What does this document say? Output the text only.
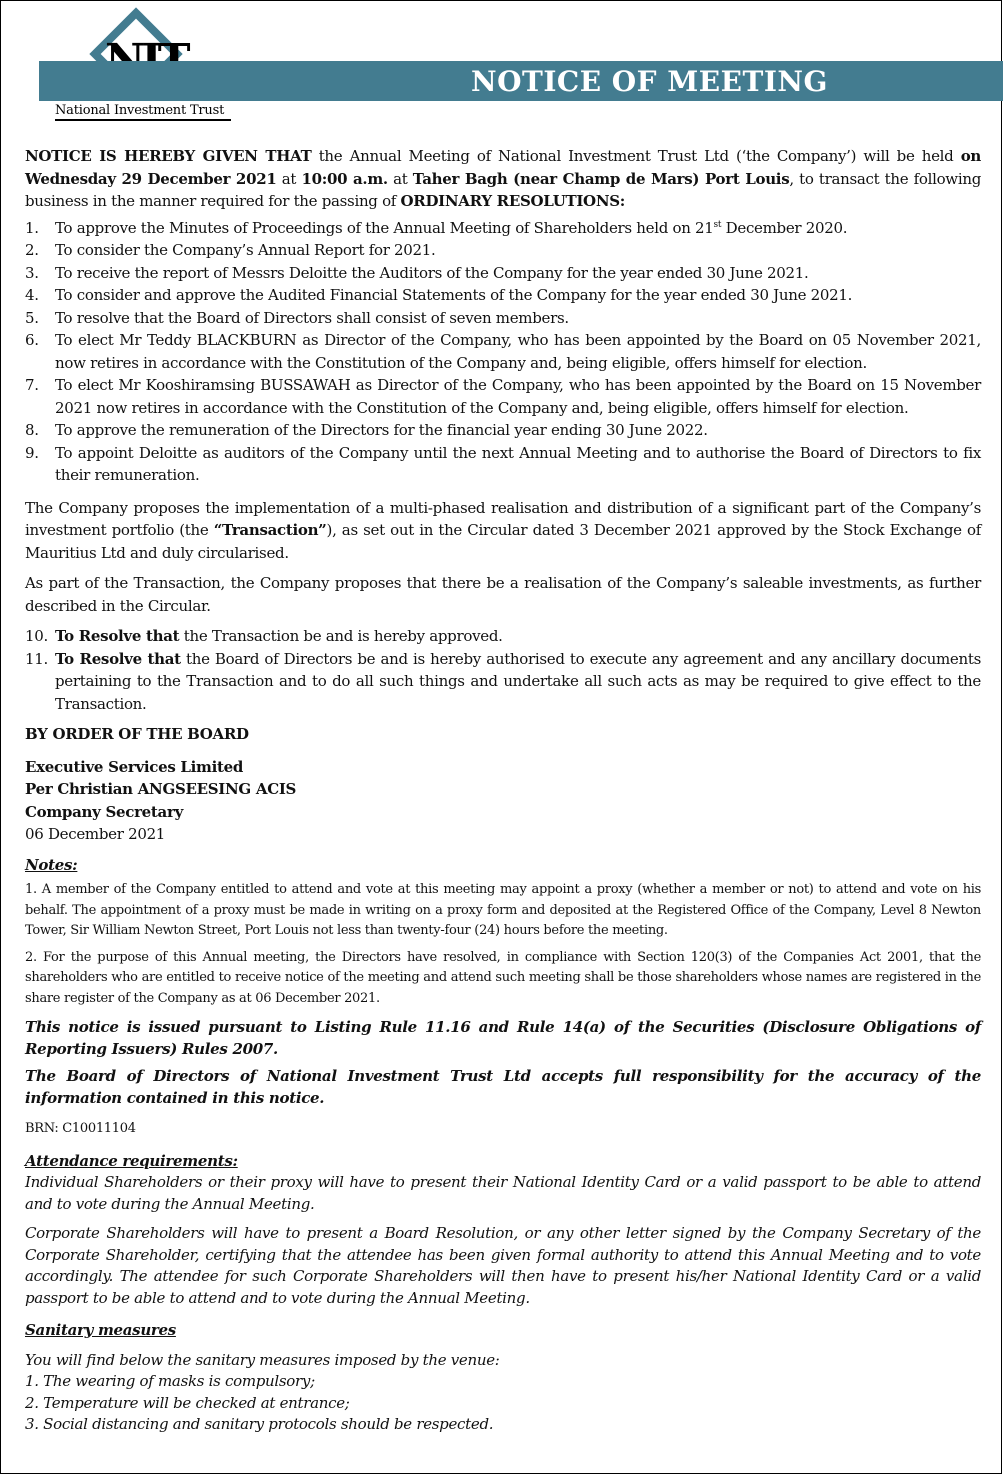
National Investment Trust
NOTICE OF MEETING

NOTICE IS HEREBY GIVEN THAT the Annual Meeting of National Investment Trust Ltd (‘the Company’) will be held on Wednesday 29 December 2021 at 10:00 a.m. at Taher Bagh (near Champ de Mars) Port Louis, to transact the following business in the manner required for the passing of ORDINARY RESOLUTIONS:

1.	To approve the Minutes of Proceedings of the Annual Meeting of Shareholders held on 21st December 2020.
2.	To consider the Company’s Annual Report for 2021.
3.	To receive the report of Messrs Deloitte the Auditors of the Company for the year ended 30 June 2021.
4.	To consider and approve the Audited Financial Statements of the Company for the year ended 30 June 2021.
5.	To resolve that the Board of Directors shall consist of seven members.
6.	To elect Mr Teddy BLACKBURN as Director of the Company, who has been appointed by the Board on 05 November 2021, now retires in accordance with the Constitution of the Company and, being eligible, offers himself for election.
7.	To elect Mr Kooshiramsing BUSSAWAH as Director of the Company, who has been appointed by the Board on 15 November 2021 now retires in accordance with the Constitution of the Company and, being eligible, offers himself for election.
8.	To approve the remuneration of the Directors for the financial year ending 30 June 2022.
9.	To appoint Deloitte as auditors of the Company until the next Annual Meeting and to authorise the Board of Directors to fix their remuneration.

The Company proposes the implementation of a multi-phased realisation and distribution of a significant part of the Company’s investment portfolio (the “Transaction”), as set out in the Circular dated 3 December 2021 approved by the Stock Exchange of Mauritius Ltd and duly circularised.

As part of the Transaction, the Company proposes that there be a realisation of the Company’s saleable investments, as further described in the Circular.

10. To Resolve that the Transaction be and is hereby approved.
11. To Resolve that the Board of Directors be and is hereby authorised to execute any agreement and any ancillary documents pertaining to the Transaction and to do all such things and undertake all such acts as may be required to give effect to the Transaction.

BY ORDER OF THE BOARD

Executive Services Limited
Per Christian ANGSEESING ACIS
Company Secretary
06 December 2021
Notes:

1. A member of the Company entitled to attend and vote at this meeting may appoint a proxy (whether a member or not) to attend and vote on his behalf. The appointment of a proxy must be made in writing on a proxy form and deposited at the Registered Office of the Company, Level 8 Newton Tower, Sir William Newton Street, Port Louis not less than twenty-four (24) hours before the meeting.

2. For the purpose of this Annual meeting, the Directors have resolved, in compliance with Section 120(3) of the Companies Act 2001, that the shareholders who are entitled to receive notice of the meeting and attend such meeting shall be those shareholders whose names are registered in the share register of the Company as at 06 December 2021.

This notice is issued pursuant to Listing Rule 11.16 and Rule 14(a) of the Securities (Disclosure Obligations of Reporting Issuers) Rules 2007.

The Board of Directors of National Investment Trust Ltd accepts full responsibility for the accuracy of the information contained in this notice.

BRN: C10011104

Attendance requirements:

Individual Shareholders or their proxy will have to present their National Identity Card or a valid passport to be able to attend and to vote during the Annual Meeting.

Corporate Shareholders will have to present a Board Resolution, or any other letter signed by the Company Secretary of the Corporate Shareholder, certifying that the attendee has been given formal authority to attend this Annual Meeting and to vote accordingly. The attendee for such Corporate Shareholders will then have to present his/her National Identity Card or a valid passport to be able to attend and to vote during the Annual Meeting.

Sanitary measures

You will find below the sanitary measures imposed by the venue:

1. The wearing of masks is compulsory;
2. Temperature will be checked at entrance;
3. Social distancing and sanitary protocols should be respected.
